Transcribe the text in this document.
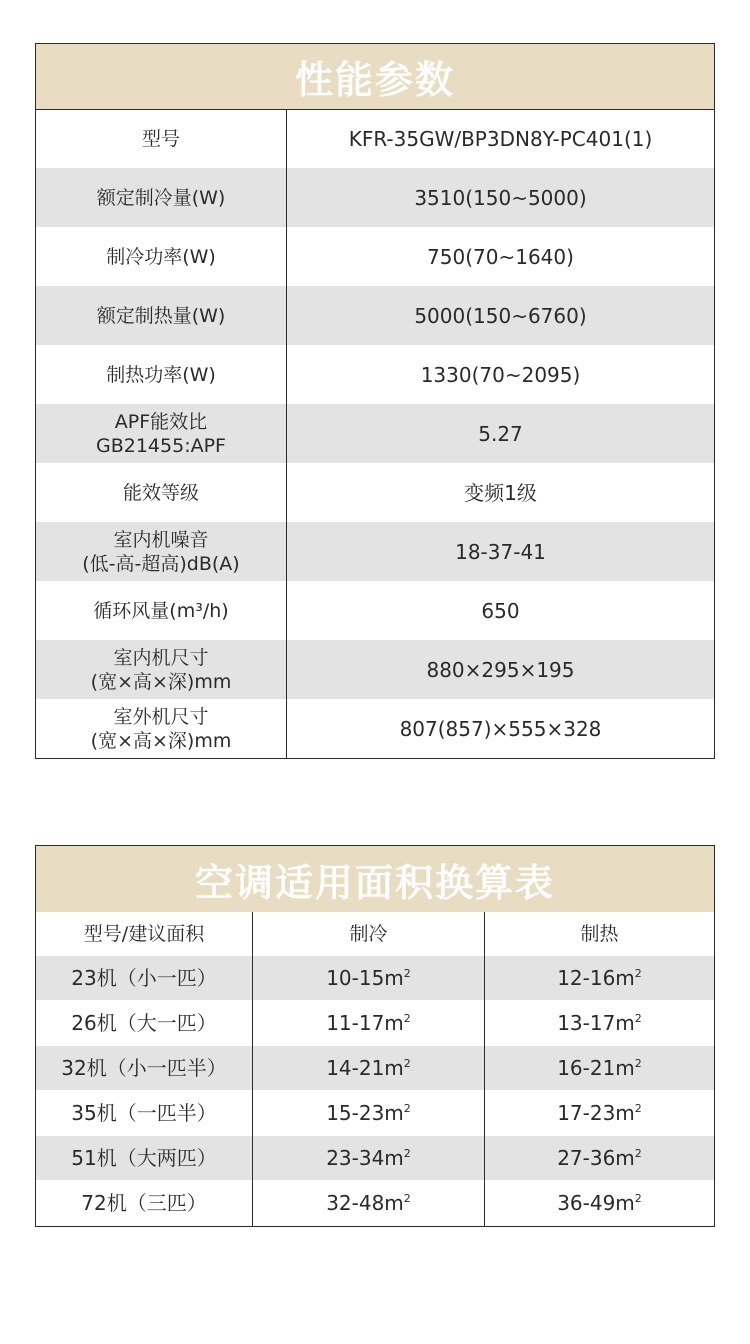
性能参数
型号	KFR-35GW/BP3DN8Y-PC401(1)
额定制冷量(W)	3510(150~5000)
制冷功率(W)	750(70~1640)
额定制热量(W)	5000(150~6760)
制热功率(W)	1330(70~2095)
APF能效比
GB21455:APF	5.27
能效等级	变频1级
室内机噪音
(低-高-超高)dB(A)	18-37-41
循环风量(m³/h)	650
室内机尺寸
(宽×高×深)mm	880×295×195
室外机尺寸
(宽×高×深)mm	807(857)×555×328
空调适用面积换算表
型号/建议面积	制冷	制热
23机（小一匹）	$10-15m^2$	$12-16m^2$
26机（大一匹）	$11-17m^2$	$13-17m^2$
32机（小一匹半）	$14-21m^2$	$16-21m^2$
35机（一匹半）	$15-23m^2$	$17-23m^2$
51机（大两匹）	$23-34m^2$	$27-36m^2$
72机（三匹）	$32-48m^2$	$36-49m^2$
